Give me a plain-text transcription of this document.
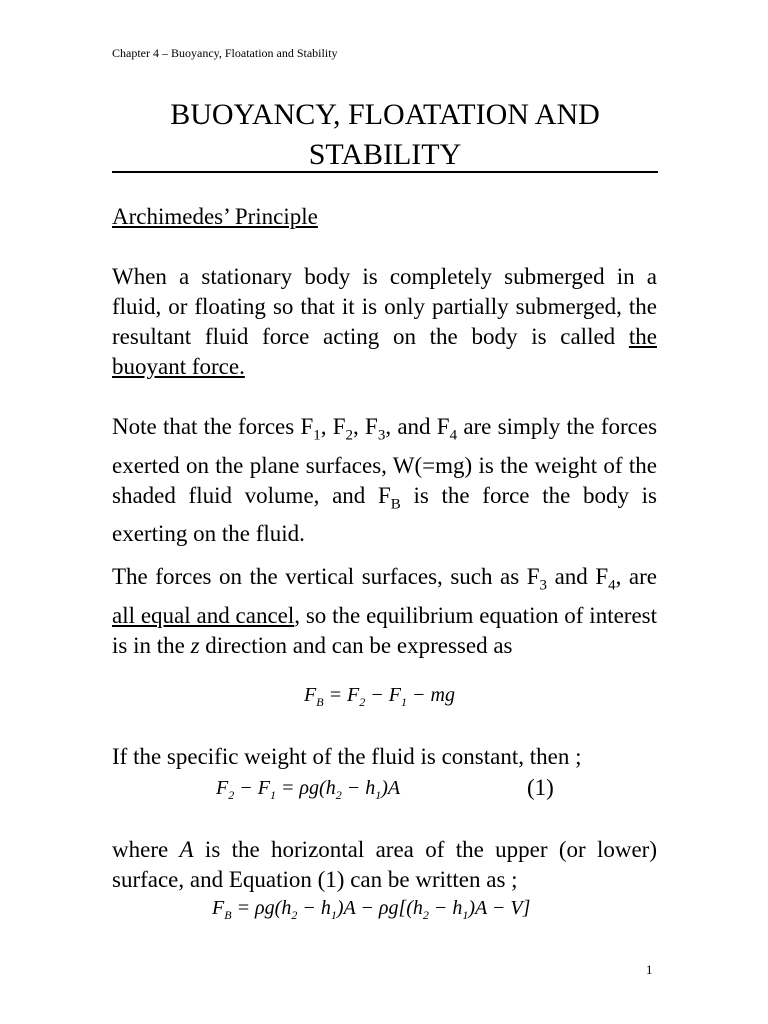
Chapter 4 – Buoyancy, Floatation and Stability
BUOYANCY, FLOATATION AND
STABILITY
Archimedes’ Principle
When a stationary body is completely submerged in a fluid, or floating so that it is only partially submerged, the resultant fluid force acting on the body is called the buoyant force.
Note that the forces $F_1$, $F_2$, $F_3$, and $F_4$ are simply the forces exerted on the plane surfaces, W(=mg) is the weight of the shaded fluid volume, and $F_B$ is the force the body is exerting on the fluid.
The forces on the vertical surfaces, such as $F_3$ and $F_4$, are all equal and cancel, so the equilibrium equation of interest is in the z direction and can be expressed as
$F_B = F_2 - F_1$ − mg
If the specific weight of the fluid is constant, then ;
$F_2 - F_1 = \rho g(h_2 - h_1)A$	(1)
where A is the horizontal area of the upper (or lower) surface, and Equation (1) can be written as ;
$F_B = \rho g(h_2 - h_1)A - \rho g[(h_2 - h_1)A - V]$
1
